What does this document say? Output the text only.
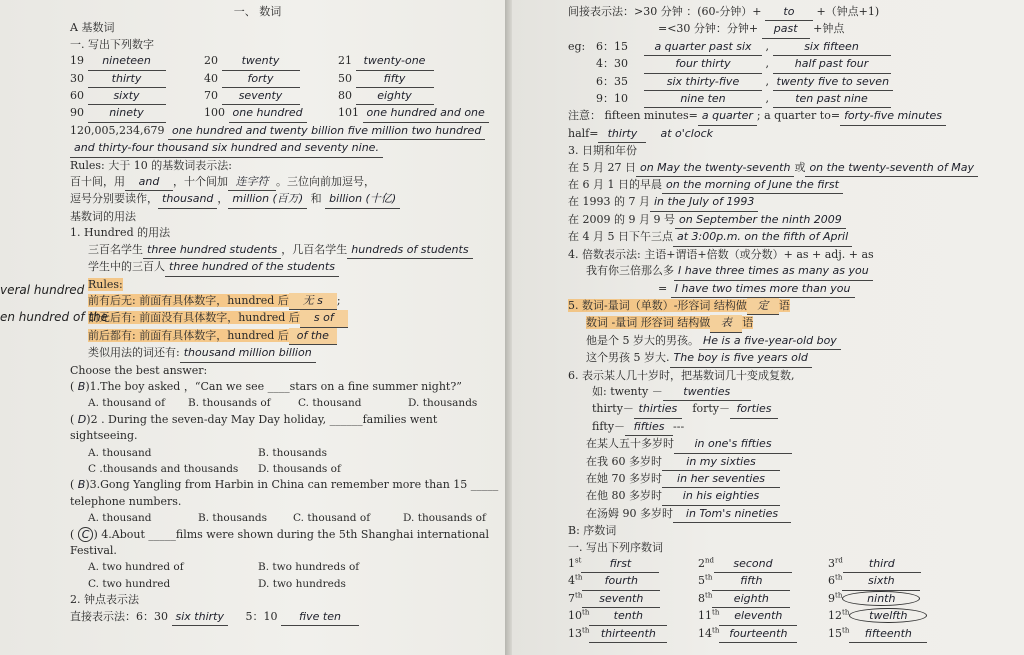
veral hundred
en hundred of the
一、 数词
A 基数词
一. 写出下列数字
19 nineteen	20 twenty	21 twenty-one
30	thirty	40	forty	50	fifty
60	sixty	70 seventy	80 eighty
90 ninety	100 one hundred	101 one hundred and one
120,005,234,679 one hundred and twenty billion five million two hundred
and thirty-four thousand six hundred and seventy nine.
Rules: 大于 10 的基数词表示法:
百十间，用 and ，十个间加 连字符 。三位向前加逗号，
逗号分别要读作， thousand ， million (百万) 和 billion (十亿)
基数词的用法
1. Hundred 的用法
三百名学生 three hundred students ，几百名学生 hundreds of students
学生中的三百人 three hundred of the students
Rules:
前有后无: 前面有具体数字，hundred 后 无 s ;
前无后有: 前面没有具体数字，hundred 后 s of
前后都有: 前面有具体数字，hundred 后 of the
类似用法的词还有: thousand million billion
Choose the best answer:
( B)1.The boy asked ，“Can we see ____stars on a fine summer night?”
A. thousand of	B. thousands of	C. thousand	D. thousands
( D)2 . During the seven-day May Day holiday, ______families went
sightseeing.
A. thousand	B. thousands
C .thousands and thousands	D. thousands of
( B)3.Gong Yangling from Harbin in China can remember more than 15 _____
telephone numbers.
A. thousand	B. thousands	C. thousand of	D. thousands of
( C ) 4.About _____films were shown during the 5th Shanghai international
Festival.
A. two hundred of	B. two hundreds of
C. two hundred	D. two hundreds
2. 钟点表示法
直接表示法：6：30 six thirty 5：10 five ten
间接表示法：>30 分钟 ：(60-分钟）+ to +（钟点+1)
=<30 分钟：分钟+ past +钟点
eg: 6：15 a quarter past six ,	six fifteen
4：30	four thirty	, half past four
6：35	six thirty-five , twenty five to seven
9：10	nine ten	, ten past nine
注意： fifteen minutes= a quarter ; a quarter to= forty-five minutes
half= thirty at o'clock
3. 日期和年份
在 5 月 27 日 on May the twenty-seventh 或 on the twenty-seventh of May
在 6 月 1 日的早晨 on the morning of June the first
在 1993 的 7 月 in the July of 1993
在 2009 的 9 月 9 号 on September the ninth 2009
在 4 月 5 日下午三点 at 3:00p.m. on the fifth of April
4. 倍数表示法: 主语+谓语+倍数（或分数）+ as + adj. + as
我有你三倍那么多 I have three times as many as you
= I have two times more than you
5. 数词-量词（单数）-形容词 结构做 定 语
数词 -量词 形容词 结构做 表 语
他是个 5 岁大的男孩。 He is a five-year-old boy
这个男孩 5 岁大. The boy is five years old
6. 表示某人几十岁时，把基数词几十变成复数,
如: twenty － twenties
thirty－ thirties forty－ forties
fifty－ fifties ---
在某人五十多岁时 in one's fifties
在我 60 多岁时 in my sixties
在她 70 多岁时 in her seventies
在他 80 多岁时 in his eighties
在汤姆 90 多岁时 in Tom's nineties
B: 序数词
一. 写出下列序数词
1st	first	2nd second	3rd third
4th fourth	5th	fifth	6th sixth
7th seventh	8th eighth	9th ninth
10th tenth	11th eleventh	12th twelfth
13th thirteenth	14th fourteenth	15th fifteenth
